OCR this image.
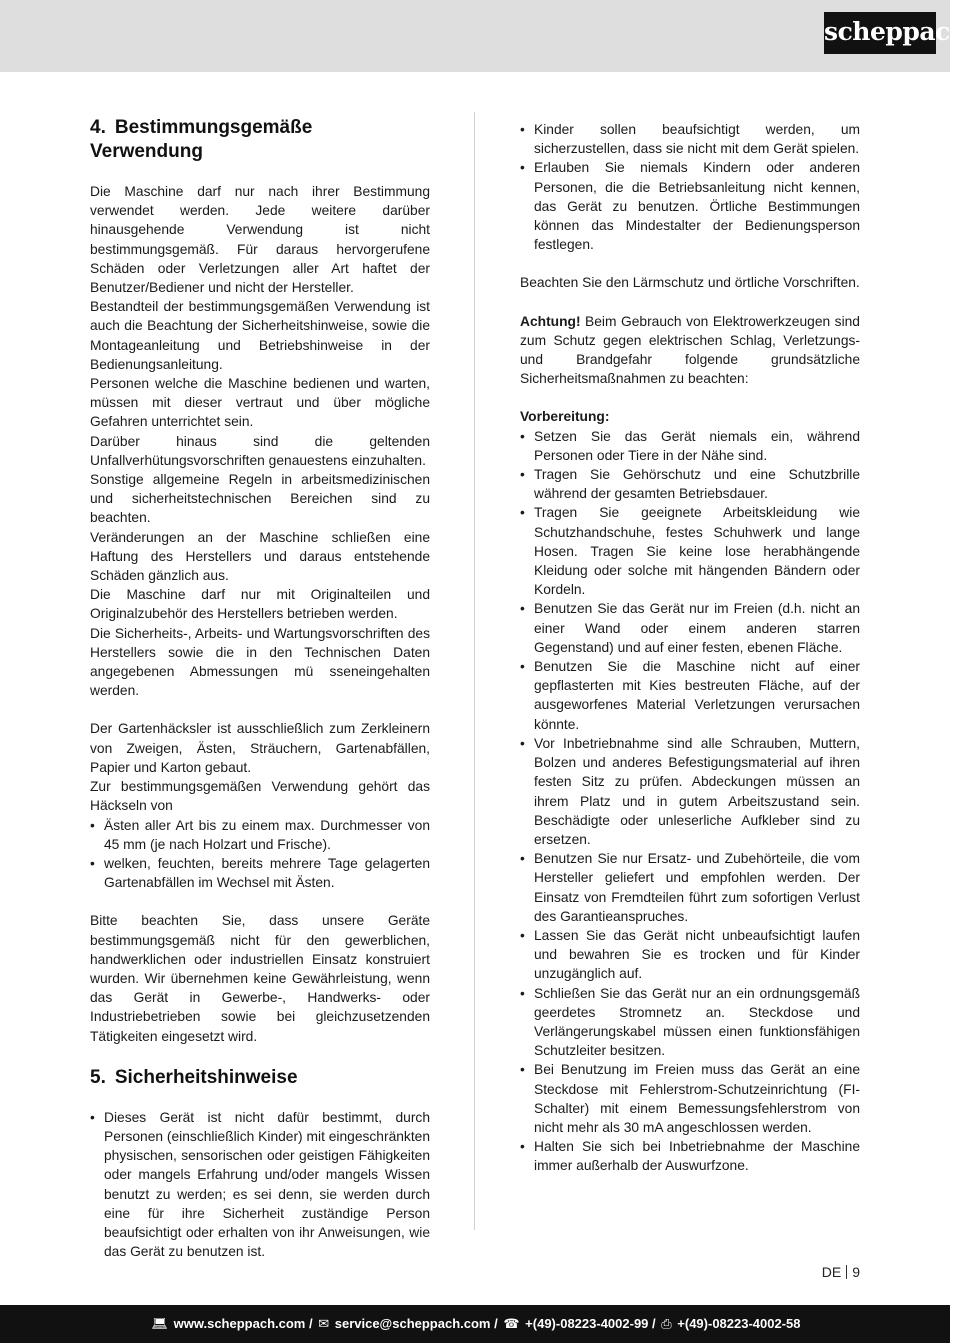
scheppach
4. Bestimmungsgemäße Verwendung

Die Maschine darf nur nach ihrer Bestimmung verwendet werden. Jede weitere darüber hinausgehende Verwendung ist nicht bestimmungsgemäß. Für daraus hervorgerufene Schäden oder Verletzungen aller Art haftet der Benutzer/Bediener und nicht der Hersteller.

Bestandteil der bestimmungsgemäßen Verwendung ist auch die Beachtung der Sicherheitshinweise, sowie die Montageanleitung und Betriebshinweise in der Bedienungsanleitung.

Personen welche die Maschine bedienen und warten, müssen mit dieser vertraut und über mögliche Gefahren unterrichtet sein.

Darüber hinaus sind die geltenden Unfallverhütungsvorschriften genauestens einzuhalten.

Sonstige allgemeine Regeln in arbeitsmedizinischen und sicherheitstechnischen Bereichen sind zu beachten.

Veränderungen an der Maschine schließen eine Haftung des Herstellers und daraus entstehende Schäden gänzlich aus.

Die Maschine darf nur mit Originalteilen und Originalzubehör des Herstellers betrieben werden.

Die Sicherheits-, Arbeits- und Wartungsvorschriften des Herstellers sowie die in den Technischen Daten angegebenen Abmessungen mü sseneingehalten werden.

Der Gartenhäcksler ist ausschließlich zum Zerkleinern von Zweigen, Ästen, Sträuchern, Gartenabfällen, Papier und Karton gebaut.

Zur bestimmungsgemäßen Verwendung gehört das Häckseln von

• Ästen aller Art bis zu einem max. Durchmesser von 45 mm (je nach Holzart und Frische).
• welken, feuchten, bereits mehrere Tage gelagerten Gartenabfällen im Wechsel mit Ästen.

Bitte beachten Sie, dass unsere Geräte bestimmungsgemäß nicht für den gewerblichen, handwerklichen oder industriellen Einsatz konstruiert wurden. Wir übernehmen keine Gewährleistung, wenn das Gerät in Gewerbe-, Handwerks- oder Industriebetrieben sowie bei gleichzusetzenden Tätigkeiten eingesetzt wird.

5. Sicherheitshinweise
• Dieses Gerät ist nicht dafür bestimmt, durch Personen (einschließlich Kinder) mit eingeschränkten physischen, sensorischen oder geistigen Fähigkeiten oder mangels Erfahrung und/oder mangels Wissen benutzt zu werden; es sei denn, sie werden durch eine für ihre Sicherheit zuständige Person beaufsichtigt oder erhalten von ihr Anweisungen, wie das Gerät zu benutzen ist.
• Kinder sollen beaufsichtigt werden, um sicherzustellen, dass sie nicht mit dem Gerät spielen.
• Erlauben Sie niemals Kindern oder anderen Personen, die die Betriebsanleitung nicht kennen, das Gerät zu benutzen. Örtliche Bestimmungen können das Mindestalter der Bedienungsperson festlegen.

Beachten Sie den Lärmschutz und örtliche Vorschriften.

Achtung! Beim Gebrauch von Elektrowerkzeugen sind zum Schutz gegen elektrischen Schlag, Verletzungs- und Brandgefahr folgende grundsätzliche Sicherheitsmaßnahmen zu beachten:

Vorbereitung:

• Setzen Sie das Gerät niemals ein, während Personen oder Tiere in der Nähe sind.
• Tragen Sie Gehörschutz und eine Schutzbrille während der gesamten Betriebsdauer.
• Tragen Sie geeignete Arbeitskleidung wie Schutzhandschuhe, festes Schuhwerk und lange Hosen. Tragen Sie keine lose herabhängende Kleidung oder solche mit hängenden Bändern oder Kordeln.
• Benutzen Sie das Gerät nur im Freien (d.h. nicht an einer Wand oder einem anderen starren Gegenstand) und auf einer festen, ebenen Fläche.
• Benutzen Sie die Maschine nicht auf einer gepflasterten mit Kies bestreuten Fläche, auf der ausgeworfenes Material Verletzungen verursachen könnte.
• Vor Inbetriebnahme sind alle Schrauben, Muttern, Bolzen und anderes Befestigungsmaterial auf ihren festen Sitz zu prüfen. Abdeckungen müssen an ihrem Platz und in gutem Arbeitszustand sein. Beschädigte oder unleserliche Aufkleber sind zu ersetzen.
• Benutzen Sie nur Ersatz- und Zubehörteile, die vom Hersteller geliefert und empfohlen werden. Der Einsatz von Fremdteilen führt zum sofortigen Verlust des Garantieanspruches.
• Lassen Sie das Gerät nicht unbeaufsichtigt laufen und bewahren Sie es trocken und für Kinder unzugänglich auf.
• Schließen Sie das Gerät nur an ein ordnungsgemäß geerdetes Stromnetz an. Steckdose und Verlängerungskabel müssen einen funktionsfähigen Schutzleiter besitzen.
• Bei Benutzung im Freien muss das Gerät an eine Steckdose mit Fehlerstrom-Schutzeinrichtung (FI-Schalter) mit einem Bemessungsfehlerstrom von nicht mehr als 30 mA angeschlossen werden.
• Halten Sie sich bei Inbetriebnahme der Maschine immer außerhalb der Auswurfzone.
DE 9
💻︎ www.scheppach.com / ✉ service@scheppach.com / ☎ +(49)-08223-4002-99 / ⎙ +(49)-08223-4002-58
